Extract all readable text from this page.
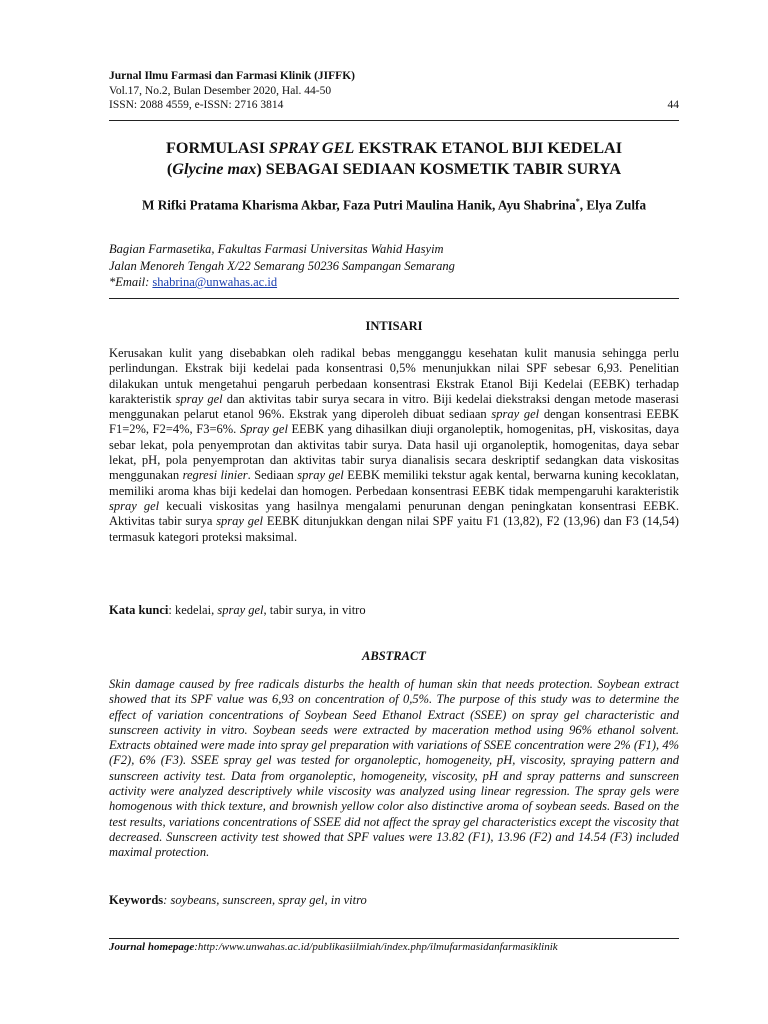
Jurnal Ilmu Farmasi dan Farmasi Klinik (JIFFK)
Vol.17, No.2, Bulan Desember 2020, Hal. 44-50
ISSN: 2088 4559, e-ISSN: 2716 3814	44
FORMULASI SPRAY GEL EKSTRAK ETANOL BIJI KEDELAI
(Glycine max) SEBAGAI SEDIAAN KOSMETIK TABIR SURYA
M Rifki Pratama Kharisma Akbar, Faza Putri Maulina Hanik, Ayu Shabrina*, Elya Zulfa
Bagian Farmasetika, Fakultas Farmasi Universitas Wahid Hasyim
Jalan Menoreh Tengah X/22 Semarang 50236 Sampangan Semarang
*Email: shabrina@unwahas.ac.id
INTISARI
Kerusakan kulit yang disebabkan oleh radikal bebas mengganggu kesehatan kulit manusia sehingga perlu perlindungan. Ekstrak biji kedelai pada konsentrasi 0,5% menunjukkan nilai SPF sebesar 6,93. Penelitian dilakukan untuk mengetahui pengaruh perbedaan konsentrasi Ekstrak Etanol Biji Kedelai (EEBK) terhadap karakteristik spray gel dan aktivitas tabir surya secara in vitro. Biji kedelai diekstraksi dengan metode maserasi menggunakan pelarut etanol 96%. Ekstrak yang diperoleh dibuat sediaan spray gel dengan konsentrasi EEBK F1=2%, F2=4%, F3=6%. Spray gel EEBK yang dihasilkan diuji organoleptik, homogenitas, pH, viskositas, daya sebar lekat, pola penyemprotan dan aktivitas tabir surya. Data hasil uji organoleptik, homogenitas, daya sebar lekat, pH, pola penyemprotan dan aktivitas tabir surya dianalisis secara deskriptif sedangkan data viskositas menggunakan regresi linier. Sediaan spray gel EEBK memiliki tekstur agak kental, berwarna kuning kecoklatan, memiliki aroma khas biji kedelai dan homogen. Perbedaan konsentrasi EEBK tidak mempengaruhi karakteristik spray gel kecuali viskositas yang hasilnya mengalami penurunan dengan peningkatan konsentrasi EEBK. Aktivitas tabir surya spray gel EEBK ditunjukkan dengan nilai SPF yaitu F1 (13,82), F2 (13,96) dan F3 (14,54) termasuk kategori proteksi maksimal.
Kata kunci: kedelai, spray gel, tabir surya, in vitro
ABSTRACT
Skin damage caused by free radicals disturbs the health of human skin that needs protection. Soybean extract showed that its SPF value was 6,93 on concentration of 0,5%. The purpose of this study was to determine the effect of variation concentrations of Soybean Seed Ethanol Extract (SSEE) on spray gel characteristic and sunscreen activity in vitro. Soybean seeds were extracted by maceration method using 96% ethanol solvent. Extracts obtained were made into spray gel preparation with variations of SSEE concentration were 2% (F1), 4% (F2), 6% (F3). SSEE spray gel was tested for organoleptic, homogeneity, pH, viscosity, spraying pattern and sunscreen activity test. Data from organoleptic, homogeneity, viscosity, pH and spray patterns and sunscreen activity were analyzed descriptively while viscosity was analyzed using linear regression. The spray gels were homogenous with thick texture, and brownish yellow color also distinctive aroma of soybean seeds. Based on the test results, variations concentrations of SSEE did not affect the spray gel characteristics except the viscosity that decreased. Sunscreen activity test showed that SPF values were 13.82 (F1), 13.96 (F2) and 14.54 (F3) included maximal protection.
Keywords: soybeans, sunscreen, spray gel, in vitro
Journal homepage:http:/www.unwahas.ac.id/publikasiilmiah/index.php/ilmufarmasidanfarmasiklinik
